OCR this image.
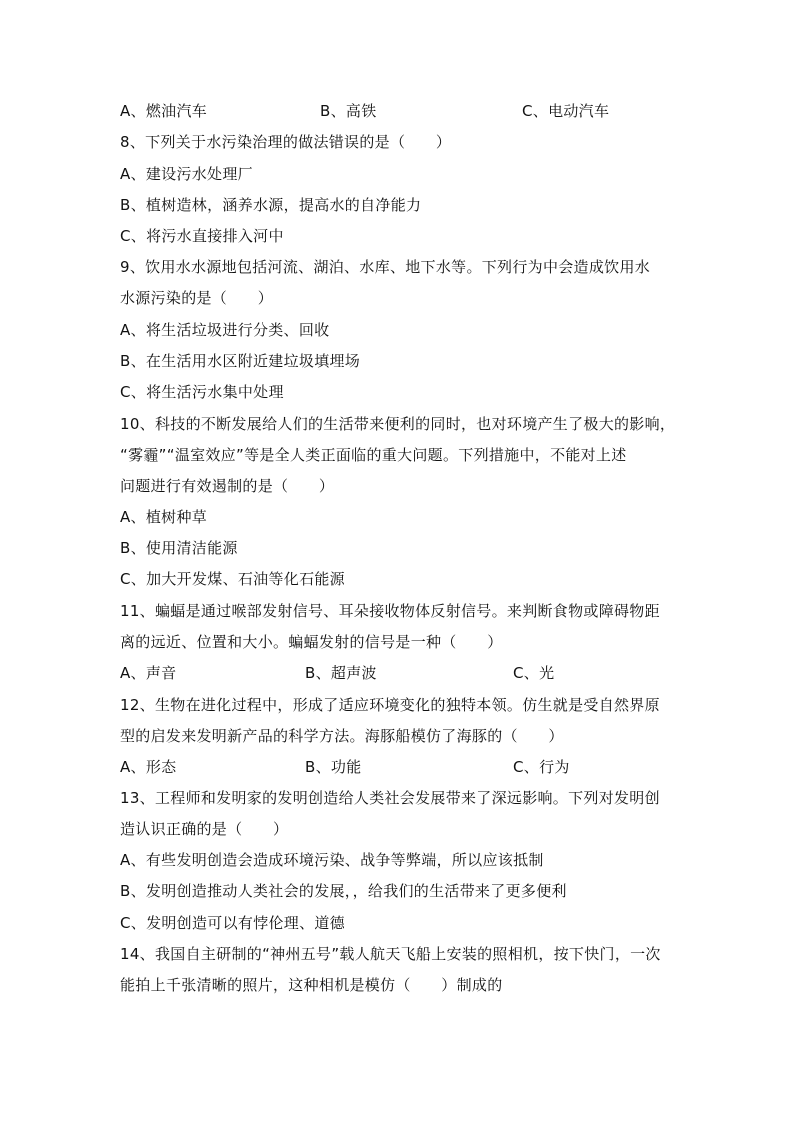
A、燃油汽车	B、高铁	C、电动汽车
8、下列关于水污染治理的做法错误的是（　　）
A、建设污水处理厂
B、植树造林，涵养水源，提高水的自净能力
C、将污水直接排入河中
9、饮用水水源地包括河流、湖泊、水库、地下水等。下列行为中会造成饮用水
水源污染的是（　　）
A、将生活垃圾进行分类、回收
B、在生活用水区附近建垃圾填埋场
C、将生活污水集中处理
10、科技的不断发展给人们的生活带来便利的同时，也对环境产生了极大的影响，
“雾霾”“温室效应”等是全人类正面临的重大问题。下列措施中，不能对上述
问题进行有效遏制的是（　　）
A、植树种草
B、使用清洁能源
C、加大开发煤、石油等化石能源
11、蝙蝠是通过喉部发射信号、耳朵接收物体反射信号。来判断食物或障碍物距
离的远近、位置和大小。蝙蝠发射的信号是一种（　　）
A、声音	B、超声波	C、光
12、生物在进化过程中，形成了适应环境变化的独特本领。仿生就是受自然界原
型的启发来发明新产品的科学方法。海豚船模仿了海豚的（　　）
A、形态	B、功能	C、行为
13、工程师和发明家的发明创造给人类社会发展带来了深远影响。下列对发明创
造认识正确的是（　　）
A、有些发明创造会造成环境污染、战争等弊端，所以应该抵制
B、发明创造推动人类社会的发展，，给我们的生活带来了更多便利
C、发明创造可以有悖伦理、道德
14、我国自主研制的“神州五号”载人航天飞船上安装的照相机，按下快门，一次
能拍上千张清晰的照片，这种相机是模仿（　　）制成的
